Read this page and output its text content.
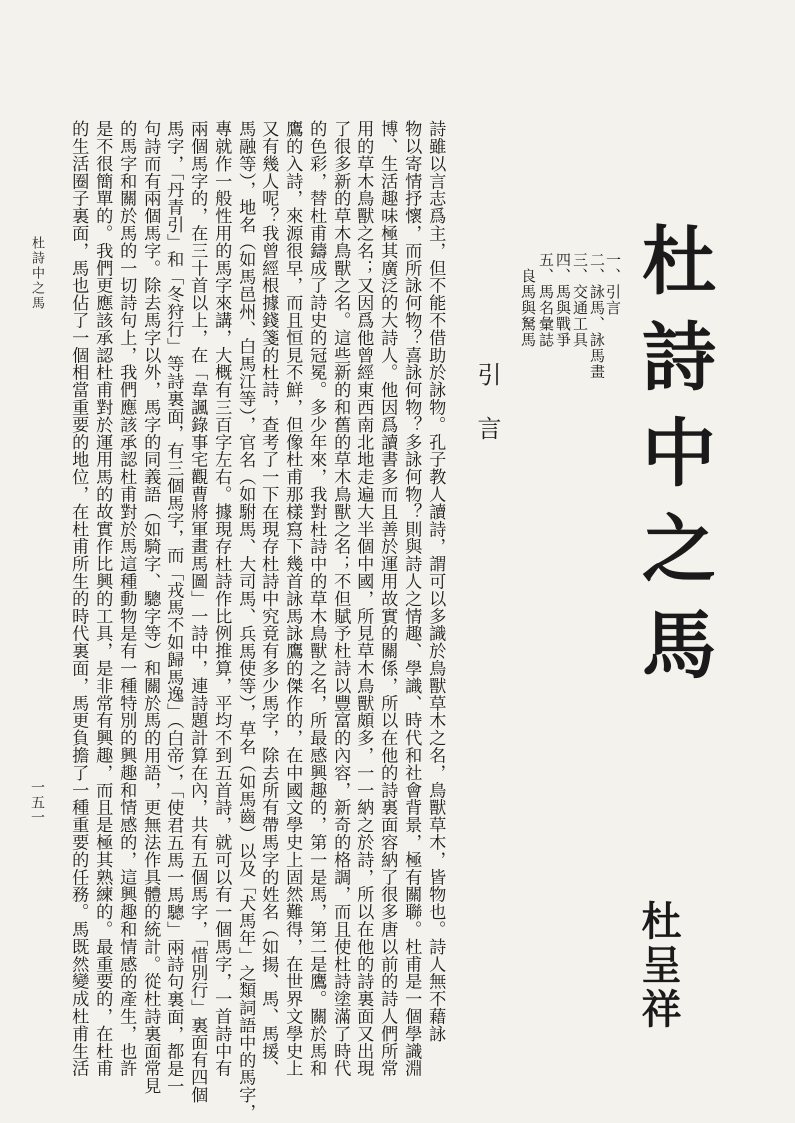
杜詩中之馬
一、引言
二、詠馬、詠馬畫
三、交通工具
四、馬與戰爭
五、馬名彙誌
良馬與駑馬
杜呈祥
引言
詩雖以言志爲主，但不能不借助於詠物。孔子教人讀詩，謂可以多識於鳥獸草木之名，鳥獸草木，皆物也。詩人無不藉詠
物以寄情抒懷，而所詠何物？喜詠何物？多詠何物？則與詩人之情趣、學識、時代和社會背景，極有關聯。杜甫是一個學識淵
博、生活趣味極其廣泛的大詩人。他因爲讀書多而且善於運用故實的關係，所以在他的詩裏面容納了很多唐以前的詩人們所常
用的草木鳥獸之名；又因爲他曾經東西南北地走遍大半個中國，所見草木鳥獸頗多，一一納之於詩，所以在他的詩裏面又出現
了很多新的草木鳥獸之名。這些新的和舊的草木鳥獸之名；不但賦予杜詩以豐富的內容，新奇的格調，而且使杜詩塗滿了時代
的色彩，替杜甫鑄成了詩史的冠冕。多少年來，我對杜詩中的草木鳥獸之名，所最感興趣的，第一是馬，第二是鷹。關於馬和
鷹的入詩，來源很早，而且恒見不鮮，但像杜甫那樣寫下幾首詠馬詠鷹的傑作的，在中國文學史上固然難得，在世界文學史上
又有幾人呢？我曾經根據錢箋的杜詩，查考了一下在現存杜詩中究竟有多少馬字，除去所有帶馬字的姓名（如揚、馬、馬援、
馬融等），地名（如馬邑州、白馬江等），官名（如駙馬、大司馬、兵馬使等），草名（如馬齒）以及「犬馬年」之類詞語中的馬字，
專就作一般性用的馬字來講，大概有三百字左右。據現存杜詩作比例推算，平均不到五首詩，就可以有一個馬字，一首詩中有
兩個馬字的，在三十首以上，在「韋諷錄事宅觀曹將軍畫馬圖」一詩中，連詩題計算在內，共有五個馬字，「惜別行」裏面有四個
馬字，「丹青引」和「冬狩行」等詩裏面，有三個馬字，而「戎馬不如歸馬逸」（白帝），「使君五馬一馬驄」兩詩句裏面，都是一
句詩而有兩個馬字。除去馬字以外，馬字的同義語（如騎字、驄字等）和關於馬的用語，更無法作具體的統計。從杜詩裏面常見
的馬字和關於馬的一切詩句上，我們應該承認杜甫對於馬這種動物是有一種特別的興趣和情感的，這興趣和情感的產生，也許
是不很簡單的。我們更應該承認杜甫對於運用馬的故實作比興的工具，是非常有興趣，而且是極其熟練的。最重要的，在杜甫
的生活圈子裏面，馬也佔了一個相當重要的地位，在杜甫所生的時代裏面，馬更負擔了一種重要的任務。馬既然變成杜甫生活
杜詩中之馬
一五一
